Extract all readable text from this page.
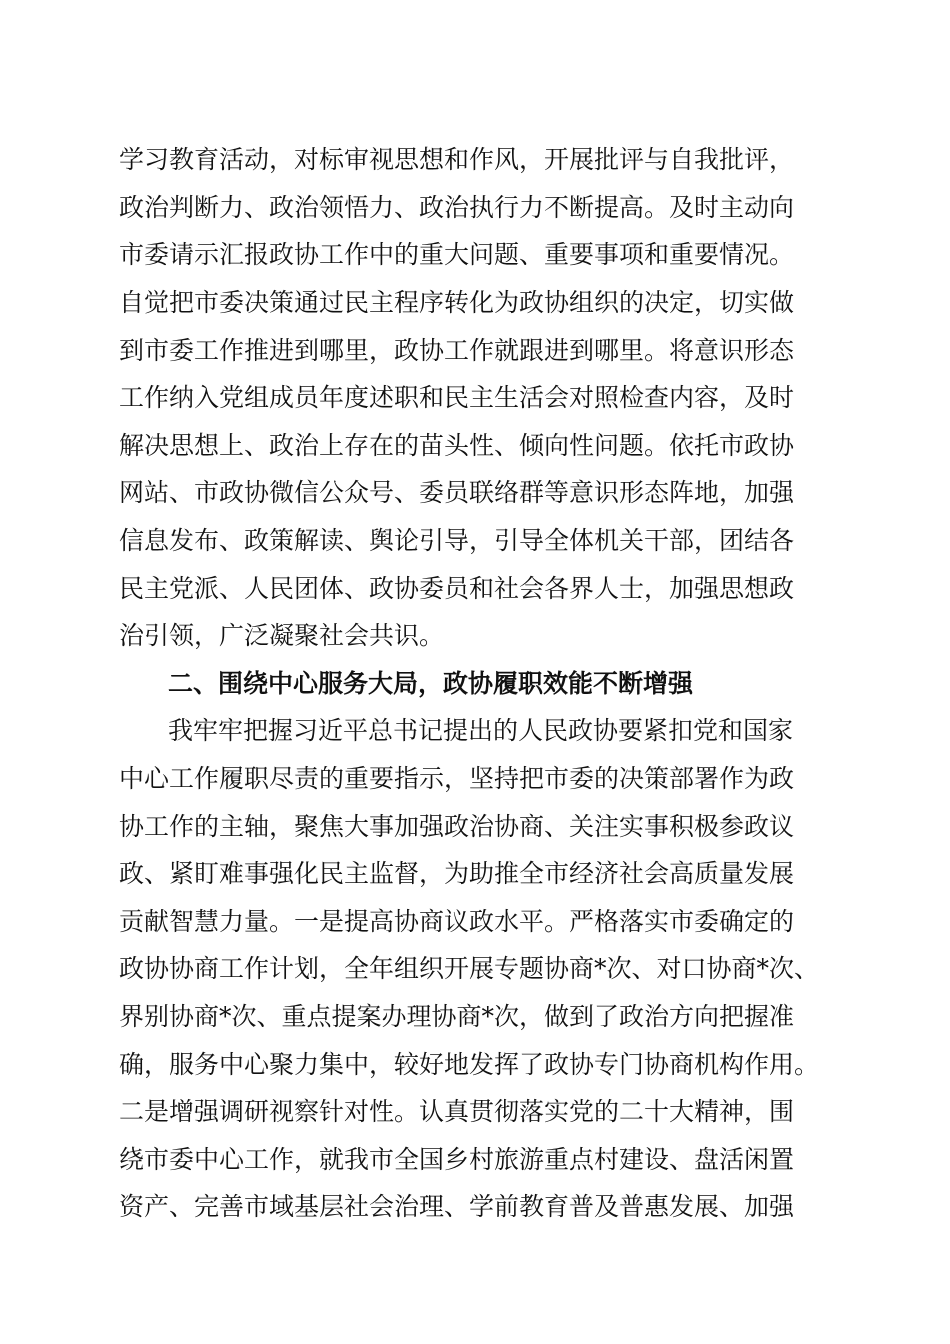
学习教育活动，对标审视思想和作风，开展批评与自我批评，
政治判断力、政治领悟力、政治执行力不断提高。及时主动向
市委请示汇报政协工作中的重大问题、重要事项和重要情况。
自觉把市委决策通过民主程序转化为政协组织的决定，切实做
到市委工作推进到哪里，政协工作就跟进到哪里。将意识形态
工作纳入党组成员年度述职和民主生活会对照检查内容，及时
解决思想上、政治上存在的苗头性、倾向性问题。依托市政协
网站、市政协微信公众号、委员联络群等意识形态阵地，加强
信息发布、政策解读、舆论引导，引导全体机关干部，团结各
民主党派、人民团体、政协委员和社会各界人士，加强思想政
治引领，广泛凝聚社会共识。
二、围绕中心服务大局，政协履职效能不断增强
我牢牢把握习近平总书记提出的人民政协要紧扣党和国家
中心工作履职尽责的重要指示，坚持把市委的决策部署作为政
协工作的主轴，聚焦大事加强政治协商、关注实事积极参政议
政、紧盯难事强化民主监督，为助推全市经济社会高质量发展
贡献智慧力量。一是提高协商议政水平。严格落实市委确定的
政协协商工作计划，全年组织开展专题协商*次、对口协商*次、
界别协商*次、重点提案办理协商*次，做到了政治方向把握准
确，服务中心聚力集中，较好地发挥了政协专门协商机构作用。
二是增强调研视察针对性。认真贯彻落实党的二十大精神，围
绕市委中心工作，就我市全国乡村旅游重点村建设、盘活闲置
资产、完善市域基层社会治理、学前教育普及普惠发展、加强
